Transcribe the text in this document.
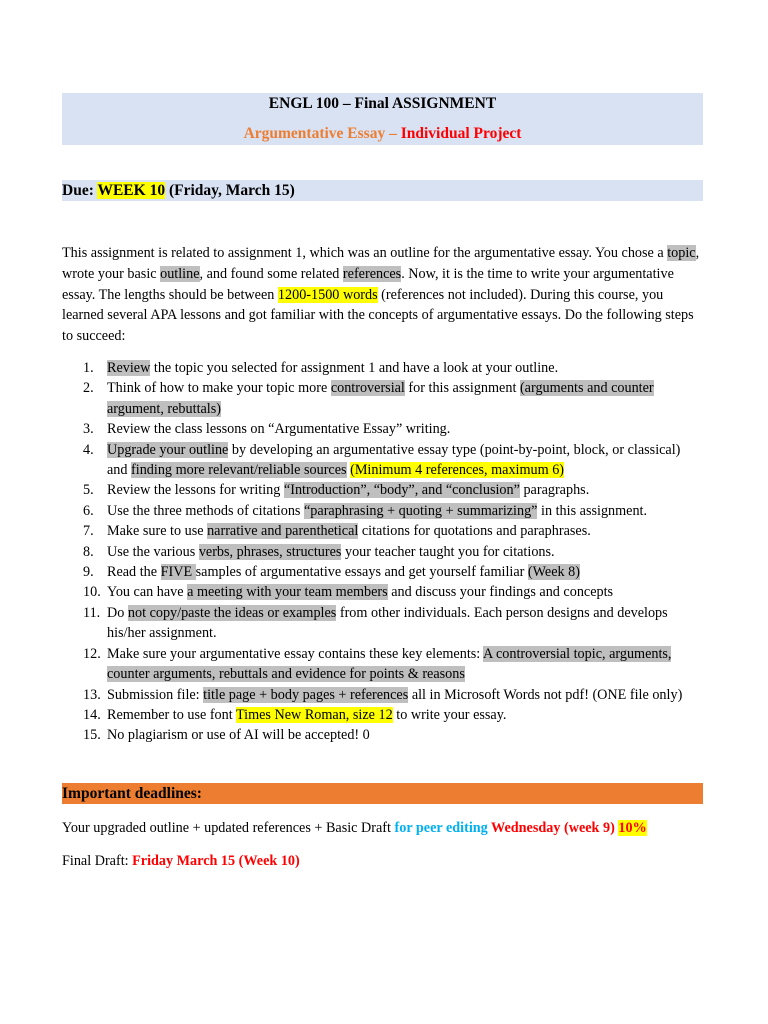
ENGL 100 – Final ASSIGNMENT
Argumentative Essay – Individual Project
Due: WEEK 10 (Friday, March 15)

This assignment is related to assignment 1, which was an outline for the argumentative essay. You chose a topic, wrote your basic outline, and found some related references. Now, it is the time to write your argumentative essay. The lengths should be between 1200-1500 words (references not included). During this course, you learned several APA lessons and got familiar with the concepts of argumentative essays. Do the following steps to succeed:

1. Review the topic you selected for assignment 1 and have a look at your outline.
2. Think of how to make your topic more controversial for this assignment (arguments and counter argument, rebuttals)
3. Review the class lessons on “Argumentative Essay” writing.
4. Upgrade your outline by developing an argumentative essay type (point-by-point, block, or classical) and finding more relevant/reliable sources (Minimum 4 references, maximum 6)
5. Review the lessons for writing “Introduction”, “body”, and “conclusion” paragraphs.
6. Use the three methods of citations “paraphrasing + quoting + summarizing” in this assignment.
7. Make sure to use narrative and parenthetical citations for quotations and paraphrases.
8. Use the various verbs, phrases, structures your teacher taught you for citations.
9. Read the FIVE samples of argumentative essays and get yourself familiar (Week 8)
10. You can have a meeting with your team members and discuss your findings and concepts
11. Do not copy/paste the ideas or examples from other individuals. Each person designs and develops his/her assignment.
12. Make sure your argumentative essay contains these key elements: A controversial topic, arguments, counter arguments, rebuttals and evidence for points & reasons
13. Submission file: title page + body pages + references all in Microsoft Words not pdf! (ONE file only)
14. Remember to use font Times New Roman, size 12 to write your essay.
15. No plagiarism or use of AI will be accepted! 0
Important deadlines:
Your upgraded outline + updated references + Basic Draft for peer editing Wednesday (week 9) 10%
Final Draft: Friday March 15 (Week 10)
